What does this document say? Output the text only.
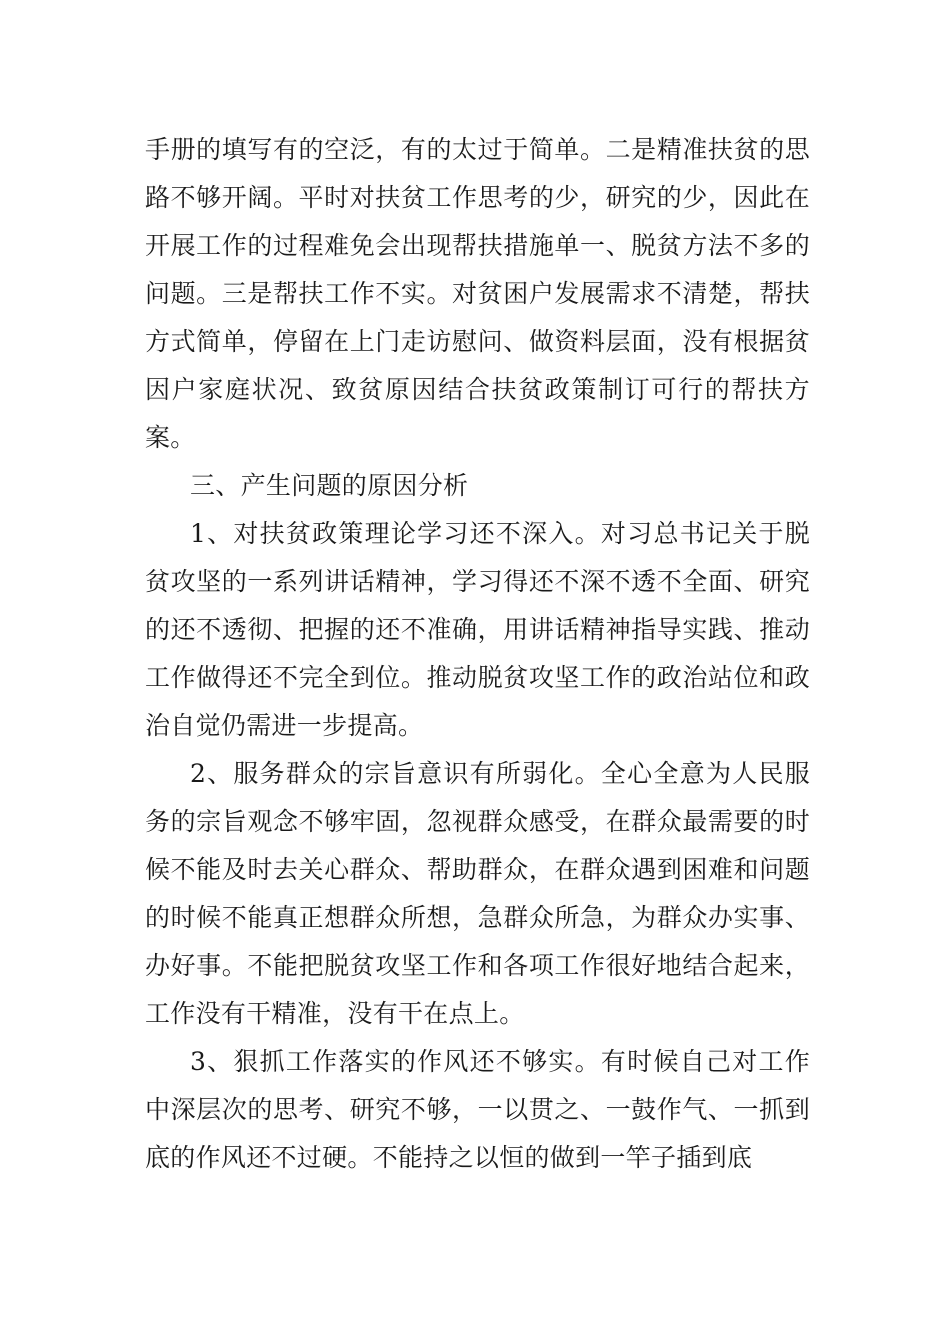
手册的填写有的空泛，有的太过于简单。二是精准扶贫的思路不够开阔。平时对扶贫工作思考的少，研究的少，因此在开展工作的过程难免会出现帮扶措施单一、脱贫方法不多的问题。三是帮扶工作不实。对贫困户发展需求不清楚，帮扶方式简单，停留在上门走访慰问、做资料层面，没有根据贫因户家庭状况、致贫原因结合扶贫政策制订可行的帮扶方案。

三、产生问题的原因分析

1、对扶贫政策理论学习还不深入。对习总书记关于脱贫攻坚的一系列讲话精神，学习得还不深不透不全面、研究的还不透彻、把握的还不准确，用讲话精神指导实践、推动工作做得还不完全到位。推动脱贫攻坚工作的政治站位和政治自觉仍需进一步提高。

2、服务群众的宗旨意识有所弱化。全心全意为人民服务的宗旨观念不够牢固，忽视群众感受，在群众最需要的时候不能及时去关心群众、帮助群众，在群众遇到困难和问题的时候不能真正想群众所想，急群众所急，为群众办实事、办好事。不能把脱贫攻坚工作和各项工作很好地结合起来，工作没有干精准，没有干在点上。

3、狠抓工作落实的作风还不够实。有时候自己对工作中深层次的思考、研究不够，一以贯之、一鼓作气、一抓到底的作风还不过硬。不能持之以恒的做到一竿子插到底
